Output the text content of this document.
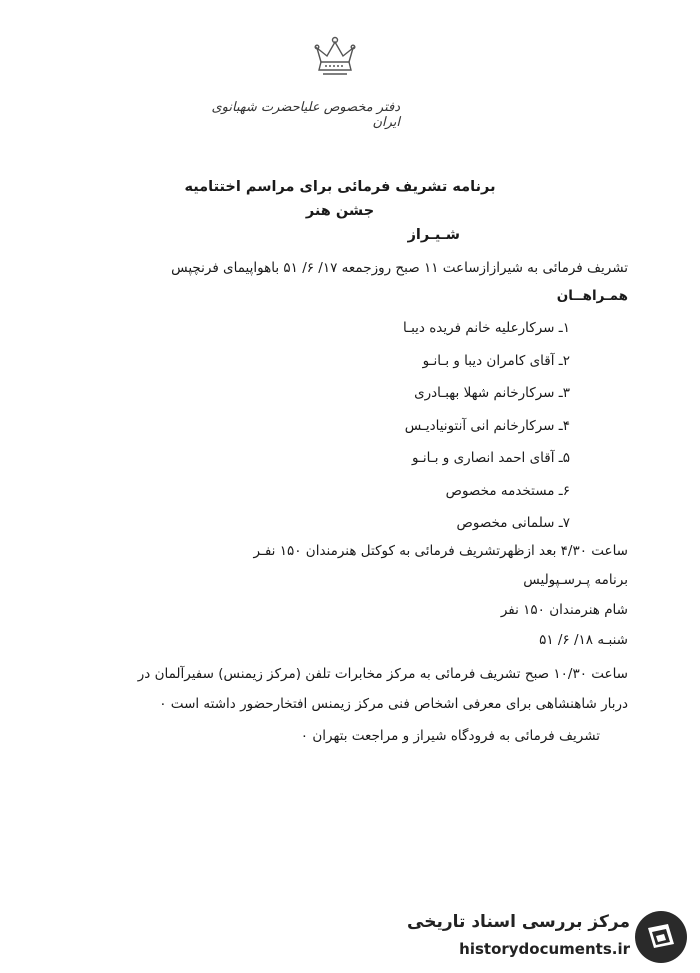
دفتر مخصوص علیاحضرت شهبانوی ایران
برنامه تشریف فرمائی برای مراسم اختتامیه جشن هنر
شـیـراز
تشریف فرمائی به شیرازازساعت ۱۱ صبح روزجمعه ۱۷/ ۶/ ۵۱ باهواپیمای فرنچپس
همـراهــان
۱ـ سرکارعلیه خانم فریده دیبـا
۲ـ آقای کامران دیبا و بـانـو
۳ـ سرکارخانم شهلا بهبـادری
۴ـ سرکارخانم انی آنتونیادیـس
۵ـ آقای احمد انصاری و بـانـو
۶ـ مستخدمه مخصوص
۷ـ سلمانی مخصوص
ساعت ۴/۳۰ بعد ازظهرتشریف فرمائی به کوکتل هنرمندان ۱۵۰ نفـر
برنامه پـرسـپولیس
شام هنرمندان ۱۵۰ نفر
شنبـه ۱۸/ ۶/ ۵۱
ساعت ۱۰/۳۰ صبح تشریف فرمائی به مرکز مخابرات تلفن (مرکز زیمنس) سفیرآلمان در
دربار شاهنشاهی برای معرفی اشخاص فنی مرکز زیمنس افتخارحضور داشته است ۰
تشریف فرمائی به فرودگاه شیراز و مراجعت بتهران ۰
مرکز بررسی اسناد تاریخی
historydocuments.ir
